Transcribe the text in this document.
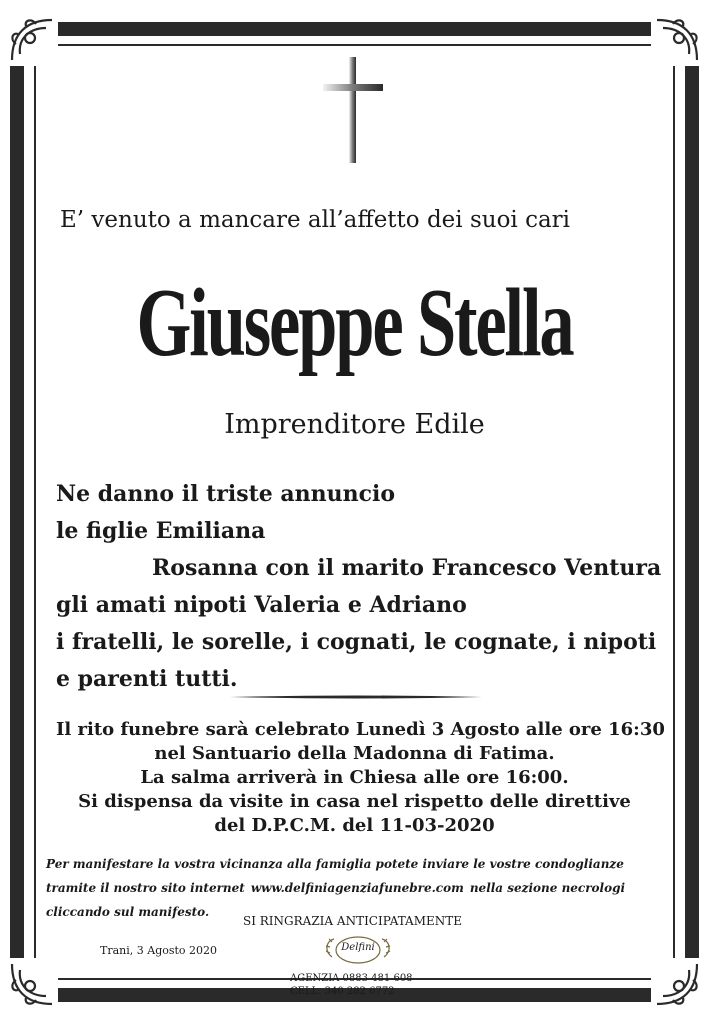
E’ venuto a mancare all’affetto dei suoi cari
Giuseppe Stella
Imprenditore Edile
Ne danno il triste annuncio
le figlie Emiliana
Rosanna con il marito Francesco Ventura
gli amati nipoti Valeria e Adriano
i fratelli, le sorelle, i cognati, le cognate, i nipoti
e parenti tutti.
Il rito funebre sarà celebrato Lunedì 3 Agosto alle ore 16:30
nel Santuario della Madonna di Fatima.
La salma arriverà in Chiesa alle ore 16:00.
Si dispensa da visite in casa nel rispetto delle direttive
del D.P.C.M. del 11-03-2020
Per manifestare la vostra vicinanza alla famiglia potete inviare le vostre condoglianze
tramite il nostro sito internet www.delfiniagenziafunebre.com nella sezione necrologi
cliccando sul manifesto.
SI RINGRAZIA ANTICIPATAMENTE
Trani, 3 Agosto 2020	Delfini
AGENZIA 0883 481 608
CELL. 340 282 6772
